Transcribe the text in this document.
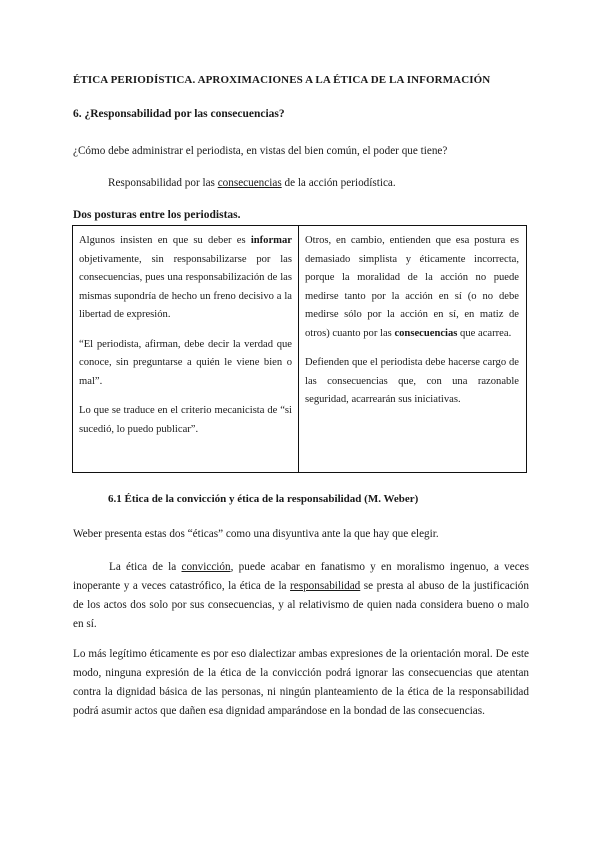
ÉTICA PERIODÍSTICA. APROXIMACIONES A LA ÉTICA DE LA INFORMACIÓN
6. ¿Responsabilidad por las consecuencias?
¿Cómo debe administrar el periodista, en vistas del bien común, el poder que tiene?
Responsabilidad por las consecuencias de la acción periodística.
Dos posturas entre los periodistas.

Algunos insisten en que su deber es informar objetivamente, sin responsabilizarse por las consecuencias, pues una responsabilización de las mismas supondría de hecho un freno decisivo a la libertad de expresión.

“El periodista, afirman, debe decir la verdad que conoce, sin preguntarse a quién le viene bien o mal”.

Lo que se traduce en el criterio mecanicista de “si sucedió, lo puedo publicar”.

Otros, en cambio, entienden que esa postura es demasiado simplista y éticamente incorrecta, porque la moralidad de la acción no puede medirse tanto por la acción en sí (o no debe medirse sólo por la acción en sí, en matiz de otros) cuanto por las consecuencias que acarrea.

Defienden que el periodista debe hacerse cargo de las consecuencias que, con una razonable seguridad, acarrearán sus iniciativas.

6.1 Ética de la convicción y ética de la responsabilidad (M. Weber)
Weber presenta estas dos “éticas” como una disyuntiva ante la que hay que elegir.
La ética de la convicción, puede acabar en fanatismo y en moralismo ingenuo, a veces inoperante y a veces catastrófico, la ética de la responsabilidad se presta al abuso de la justificación de los actos dos solo por sus consecuencias, y al relativismo de quien nada considera bueno o malo en sí.
Lo más legítimo éticamente es por eso dialectizar ambas expresiones de la orientación moral. De este modo, ninguna expresión de la ética de la convicción podrá ignorar las consecuencias que atentan contra la dignidad básica de las personas, ni ningún planteamiento de la ética de la responsabilidad podrá asumir actos que dañen esa dignidad amparándose en la bondad de las consecuencias.
